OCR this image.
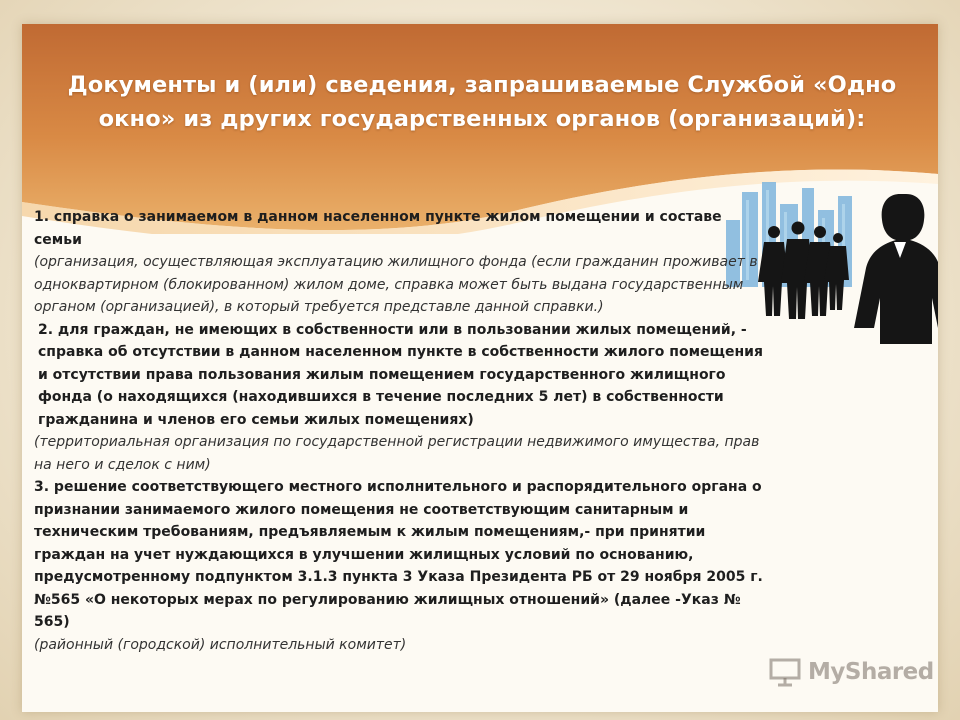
Документы и (или) сведения, запрашиваемые Службой «Одно окно» из других государственных органов (организаций):

1. справка о занимаемом в данном населенном пункте жилом помещении и составе семьи

(организация, осуществляющая эксплуатацию жилищного фонда (если гражданин проживает в одноквартирном (блокированном) жилом доме, справка может быть выдана государственным органом (организацией), в который требуется представле данной справки.)

2. для граждан, не имеющих в собственности или в пользовании жилых помещений, - справка об отсутствии в данном населенном пункте в собственности жилого помещения и отсутствии права пользования жилым помещением государственного жилищного фонда (о находящихся (находившихся в течение последних 5 лет) в собственности гражданина и членов его семьи жилых помещениях)

(территориальная организация по государственной регистрации недвижимого имущества, прав на него и сделок с ним)

3. решение соответствующего местного исполнительного и распорядительного органа о признании занимаемого жилого помещения не соответствующим санитарным и техническим требованиям, предъявляемым к жилым помещениям,- при принятии граждан на учет нуждающихся в улучшении жилищных условий по основанию, предусмотренному подпунктом 3.1.3 пункта 3 Указа Президента РБ от 29 ноября 2005 г. №565 «О некоторых мерах по регулированию жилищных отношений» (далее -Указ № 565)

(районный (городской) исполнительный комитет)

MyShared
